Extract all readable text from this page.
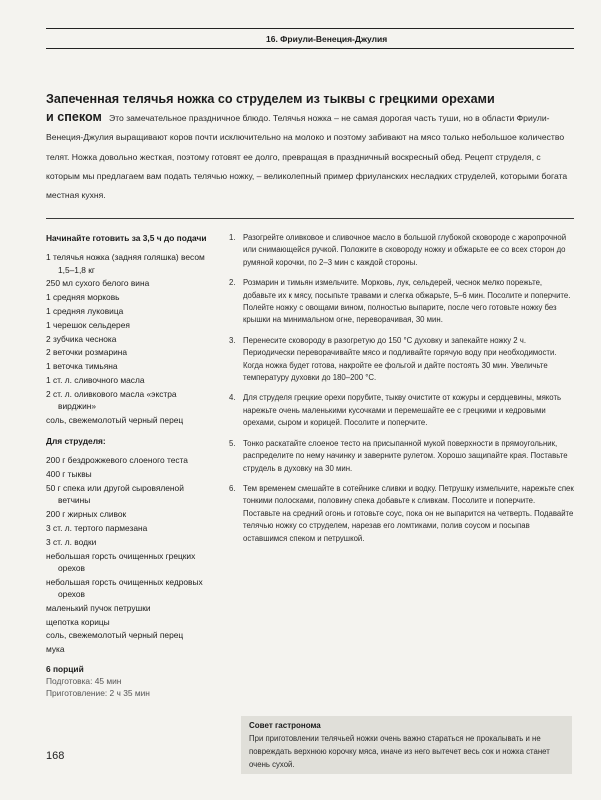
16. Фриули-Венеция-Джулия
Запеченная телячья ножка со струделем из тыквы с грецкими орехами

и спеком Это замечательное праздничное блюдо. Телячья ножка – не самая дорогая часть туши, но в области Фриули-Венеция-Джулия выращивают коров почти исключительно на молоко и поэтому забивают на мясо только небольшое количество телят. Ножка довольно жесткая, поэтому готовят ее долго, превращая в праздничный воскресный обед. Рецепт струделя, с которым мы предлагаем вам подать телячью ножку, – великолепный пример фриуланских несладких струделей, которыми богата местная кухня.

Начинайте готовить за 3,5 ч до подачи
1 телячья ножка (задняя голяшка) весом 1,5–1,8 кг
250 мл сухого белого вина
1 средняя морковь
1 средняя луковица
1 черешок сельдерея
2 зубчика чеснока
2 веточки розмарина
1 веточка тимьяна
1 ст. л. сливочного масла
2 ст. л. оливкового масла «экстра вирджин»
соль, свежемолотый черный перец
Для струделя:
200 г бездрожжевого слоеного теста
400 г тыквы
50 г спека или другой сыровяленой ветчины
200 г жирных сливок
3 ст. л. тертого пармезана
3 ст. л. водки
небольшая горсть очищенных грецких орехов
небольшая горсть очищенных кедровых орехов
маленький пучок петрушки
щепотка корицы
соль, свежемолотый черный перец
мука
6 порций
Подготовка: 45 мин
Приготовление: 2 ч 35 мин
1. Разогрейте оливковое и сливочное масло в большой глубокой сковороде с жаропрочной или снимающейся ручкой. Положите в сковороду ножку и обжарьте ее со всех сторон до румяной корочки, по 2–3 мин с каждой стороны.
2. Розмарин и тимьян измельчите. Морковь, лук, сельдерей, чеснок мелко порежьте, добавьте их к мясу, посыпьте травами и слегка обжарьте, 5–6 мин. Посолите и поперчите. Полейте ножку с овощами вином, полностью выпарите, после чего готовьте ножку без крышки на минимальном огне, переворачивая, 30 мин.
3. Перенесите сковороду в разогретую до 150 °С духовку и запекайте ножку 2 ч. Периодически переворачивайте мясо и подливайте горячую воду при необходимости. Когда ножка будет готова, накройте ее фольгой и дайте постоять 30 мин. Увеличьте температуру духовки до 180–200 °С.
4. Для струделя грецкие орехи порубите, тыкву очистите от кожуры и сердцевины, мякоть нарежьте очень маленькими кусочками и перемешайте ее с грецкими и кедровыми орехами, сыром и корицей. Посолите и поперчите.
5. Тонко раскатайте слоеное тесто на присыпанной мукой поверхности в прямоугольник, распределите по нему начинку и заверните рулетом. Хорошо защипайте края. Поставьте струдель в духовку на 30 мин.
6. Тем временем смешайте в сотейнике сливки и водку. Петрушку измельчите, нарежьте спек тонкими полосками, половину спека добавьте к сливкам. Посолите и поперчите. Поставьте на средний огонь и готовьте соус, пока он не выпарится на четверть. Подавайте телячью ножку со струделем, нарезав его ломтиками, полив соусом и посыпав оставшимся спеком и петрушкой.
Совет гастронома
При приготовлении телячьей ножки очень важно стараться не прокалывать и не повреждать верхнюю корочку мяса, иначе из него вытечет весь сок и ножка станет очень сухой.
168
